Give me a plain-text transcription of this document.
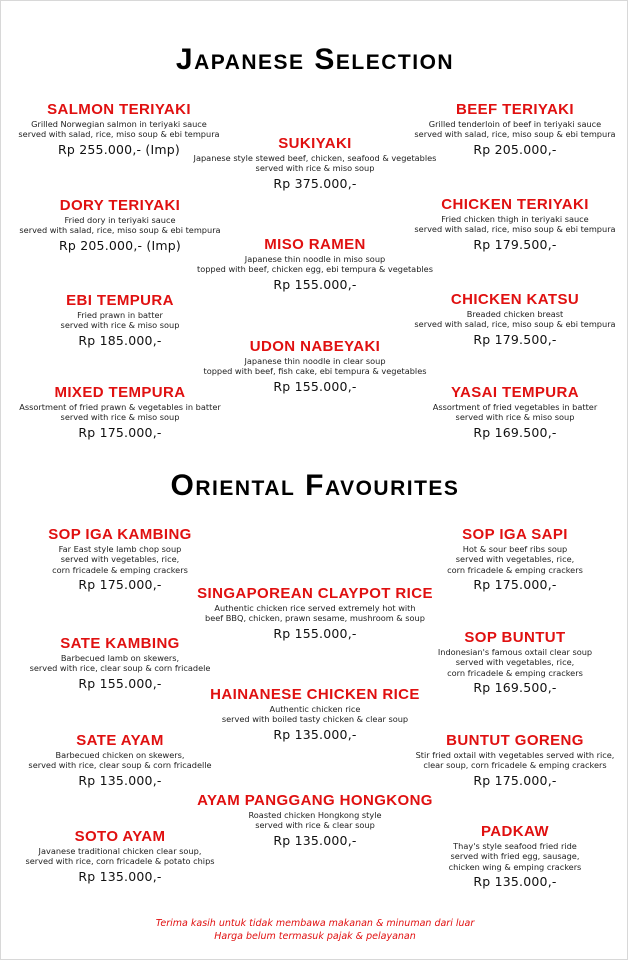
Japanese Selection
SALMON TERIYAKI
Grilled Norwegian salmon in teriyaki sauce
served with salad, rice, miso soup & ebi tempura
Rp 255.000,- (Imp)
DORY TERIYAKI
Fried dory in teriyaki sauce
served with salad, rice, miso soup & ebi tempura
Rp 205.000,- (Imp)
EBI TEMPURA
Fried prawn in batter
served with rice & miso soup
Rp 185.000,-
MIXED TEMPURA
Assortment of fried prawn & vegetables in batter
served with rice & miso soup
Rp 175.000,-
SUKIYAKI
Japanese style stewed beef, chicken, seafood & vegetables
served with rice & miso soup
Rp 375.000,-
MISO RAMEN
Japanese thin noodle in miso soup
topped with beef, chicken egg, ebi tempura & vegetables
Rp 155.000,-
UDON NABEYAKI
Japanese thin noodle in clear soup
topped with beef, fish cake, ebi tempura & vegetables
Rp 155.000,-
BEEF TERIYAKI
Grilled tenderloin of beef in teriyaki sauce
served with salad, rice, miso soup & ebi tempura
Rp 205.000,-
CHICKEN TERIYAKI
Fried chicken thigh in teriyaki sauce
served with salad, rice, miso soup & ebi tempura
Rp 179.500,-
CHICKEN KATSU
Breaded chicken breast
served with salad, rice, miso soup & ebi tempura
Rp 179.500,-
YASAI TEMPURA
Assortment of fried vegetables in batter
served with rice & miso soup
Rp 169.500,-
Oriental Favourites
SOP IGA KAMBING
Far East style lamb chop soup
served with vegetables, rice,
corn fricadele & emping crackers
Rp 175.000,-
SATE KAMBING
Barbecued lamb on skewers,
served with rice, clear soup & corn fricadele
Rp 155.000,-
SATE AYAM
Barbecued chicken on skewers,
served with rice, clear soup & corn fricadelle
Rp 135.000,-
SOTO AYAM
Javanese traditional chicken clear soup,
served with rice, corn fricadele & potato chips
Rp 135.000,-
SINGAPOREAN CLAYPOT RICE
Authentic chicken rice served extremely hot with
beef BBQ, chicken, prawn sesame, mushroom & soup
Rp 155.000,-
HAINANESE CHICKEN RICE
Authentic chicken rice
served with boiled tasty chicken & clear soup
Rp 135.000,-
AYAM PANGGANG HONGKONG
Roasted chicken Hongkong style
served with rice & clear soup
Rp 135.000,-
SOP IGA SAPI
Hot & sour beef ribs soup
served with vegetables, rice,
corn fricadele & emping crackers
Rp 175.000,-
SOP BUNTUT
Indonesian's famous oxtail clear soup
served with vegetables, rice,
corn fricadele & emping crackers
Rp 169.500,-
BUNTUT GORENG
Stir fried oxtail with vegetables served with rice,
clear soup, corn fricadele & emping crackers
Rp 175.000,-
PADKAW
Thay's style seafood fried ride
served with fried egg, sausage,
chicken wing & emping crackers
Rp 135.000,-
Terima kasih untuk tidak membawa makanan & minuman dari luar
Harga belum termasuk pajak & pelayanan
